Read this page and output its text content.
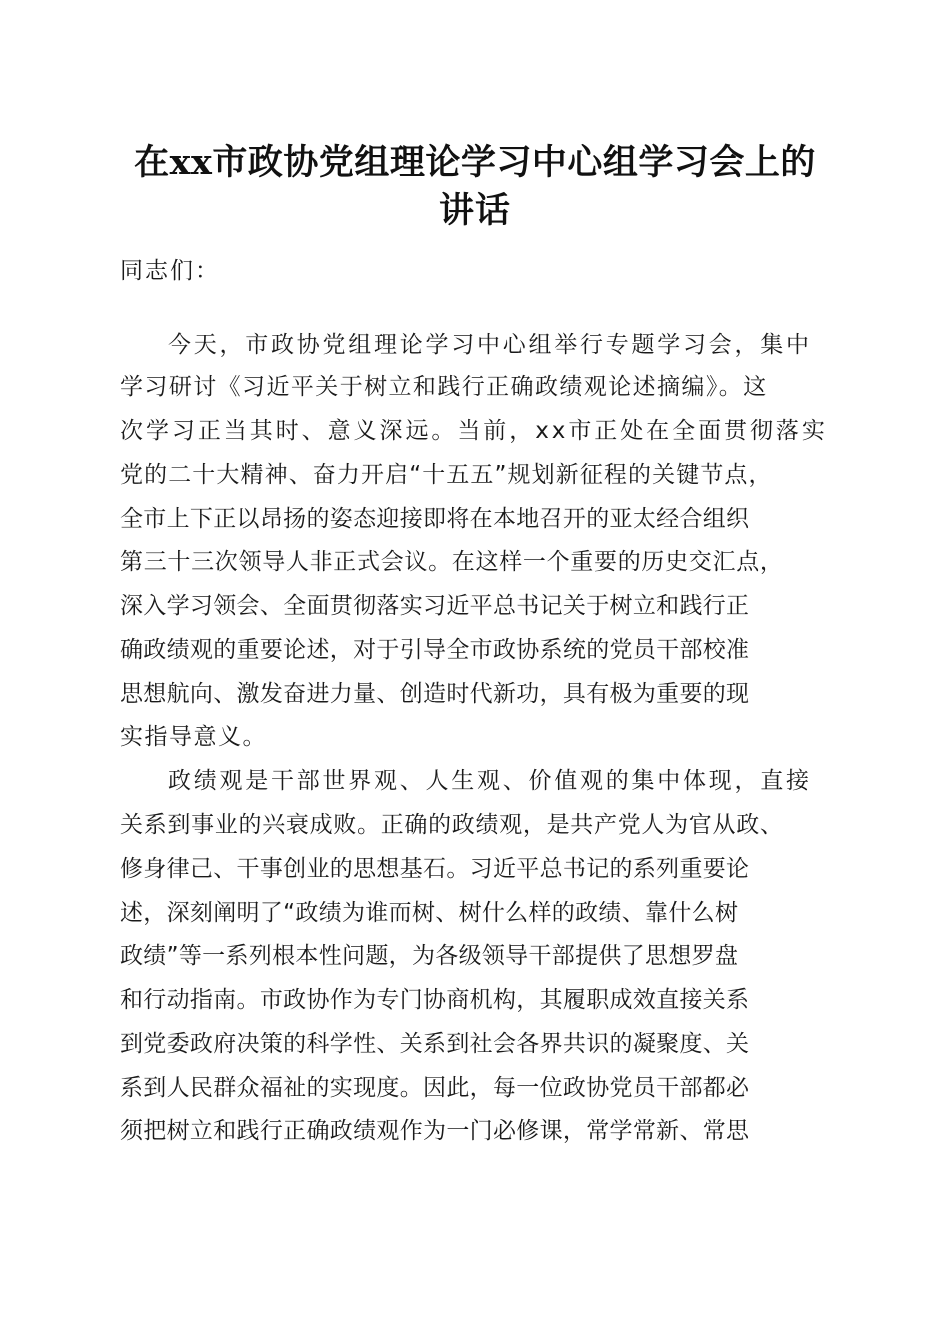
在xx市政协党组理论学习中心组学习会上的
讲话

同志们：

今天，市政协党组理论学习中心组举行专题学习会，集中

学习研讨《习近平关于树立和践行正确政绩观论述摘编》。这

次学习正当其时、意义深远。当前，xx市正处在全面贯彻落实

党的二十大精神、奋力开启“十五五”规划新征程的关键节点，

全市上下正以昂扬的姿态迎接即将在本地召开的亚太经合组织

第三十三次领导人非正式会议。在这样一个重要的历史交汇点，

深入学习领会、全面贯彻落实习近平总书记关于树立和践行正

确政绩观的重要论述，对于引导全市政协系统的党员干部校准

思想航向、激发奋进力量、创造时代新功，具有极为重要的现

实指导意义。

政绩观是干部世界观、人生观、价值观的集中体现，直接

关系到事业的兴衰成败。正确的政绩观，是共产党人为官从政、

修身律己、干事创业的思想基石。习近平总书记的系列重要论

述，深刻阐明了“政绩为谁而树、树什么样的政绩、靠什么树

政绩”等一系列根本性问题，为各级领导干部提供了思想罗盘

和行动指南。市政协作为专门协商机构，其履职成效直接关系

到党委政府决策的科学性、关系到社会各界共识的凝聚度、关

系到人民群众福祉的实现度。因此，每一位政协党员干部都必

须把树立和践行正确政绩观作为一门必修课，常学常新、常思
